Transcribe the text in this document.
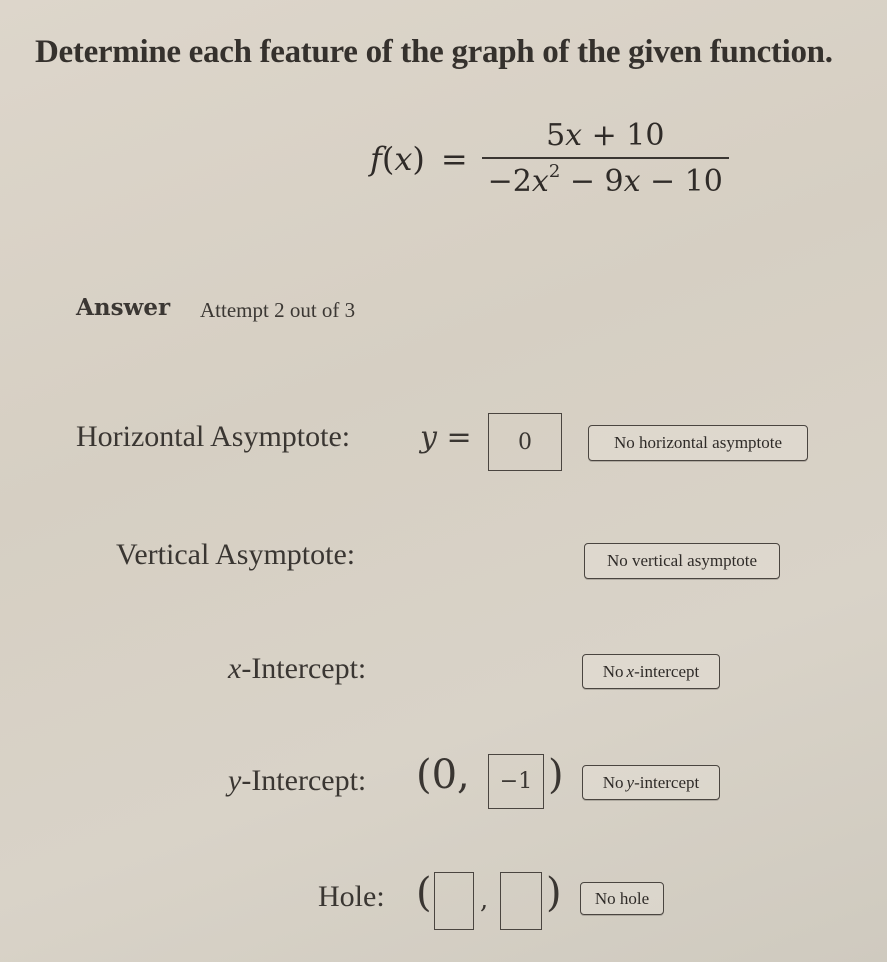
Determine each feature of the graph of the given function.
$f(x) = \frac{5x + 10}{-2x^2 - 9x - 10}$
Answer Attempt 2 out of 3
Horizontal Asymptote: y =	0	No horizontal asymptote
Vertical Asymptote:	No vertical asymptote
x-Intercept:	No x -intercept
y-Intercept: (0,	−1 ) No y -intercept
Hole: ( , )	No hole
